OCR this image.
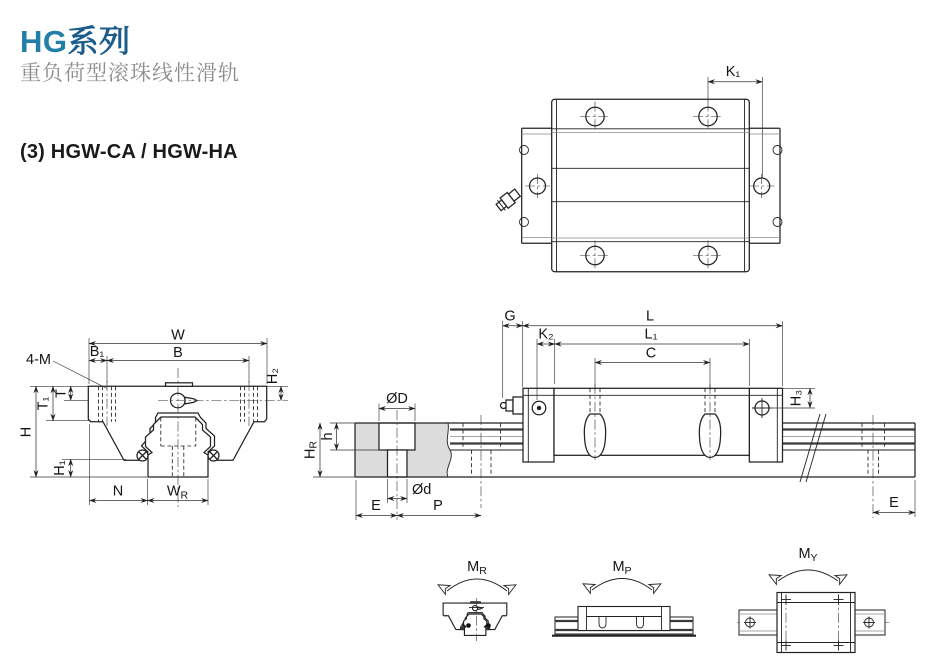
HG系列
重负荷型滚珠线性滑轨
(3) HGW-CA / HGW-HA
K₁
W
B
B₁
4-M
T
T₁
H
H₁
H₂
N	$W_R$
G	L
K₂	L₁
C
ØD
h
$H_R$
Ød
E	P
H₃
E
$M_R$	$M_P$
$M_Y$
